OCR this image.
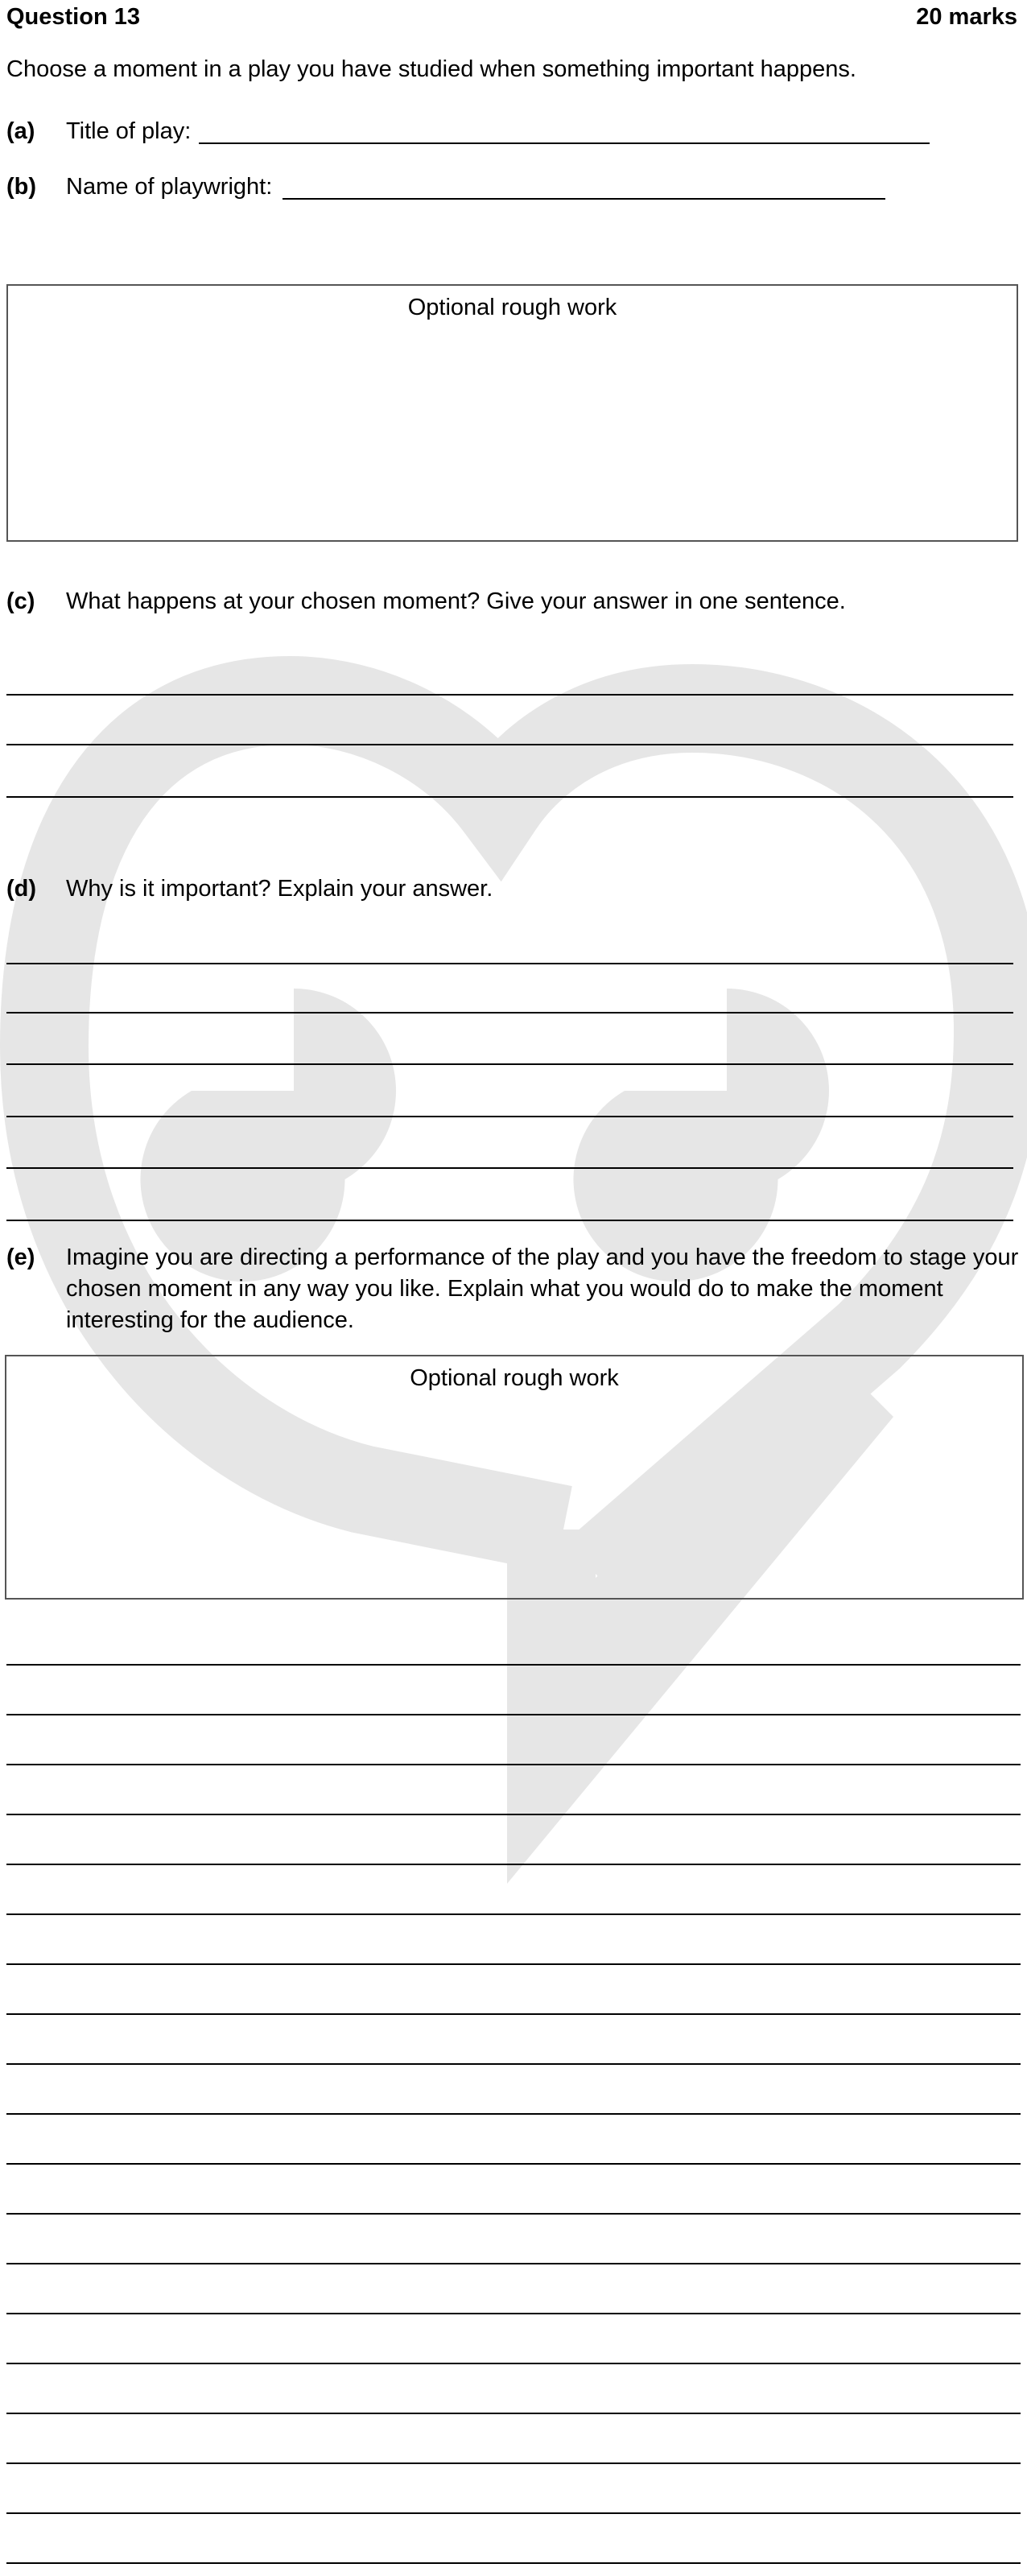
Question 13	20 marks
Choose a moment in a play you have studied when something important happens.
(a) Title of play:
(b) Name of playwright:
Optional rough work
(c) What happens at your chosen moment? Give your answer in one sentence.
(d) Why is it important? Explain your answer.
(e) Imagine you are directing a performance of the play and you have the freedom to stage your
chosen moment in any way you like. Explain what you would do to make the moment
interesting for the audience.
Optional rough work
